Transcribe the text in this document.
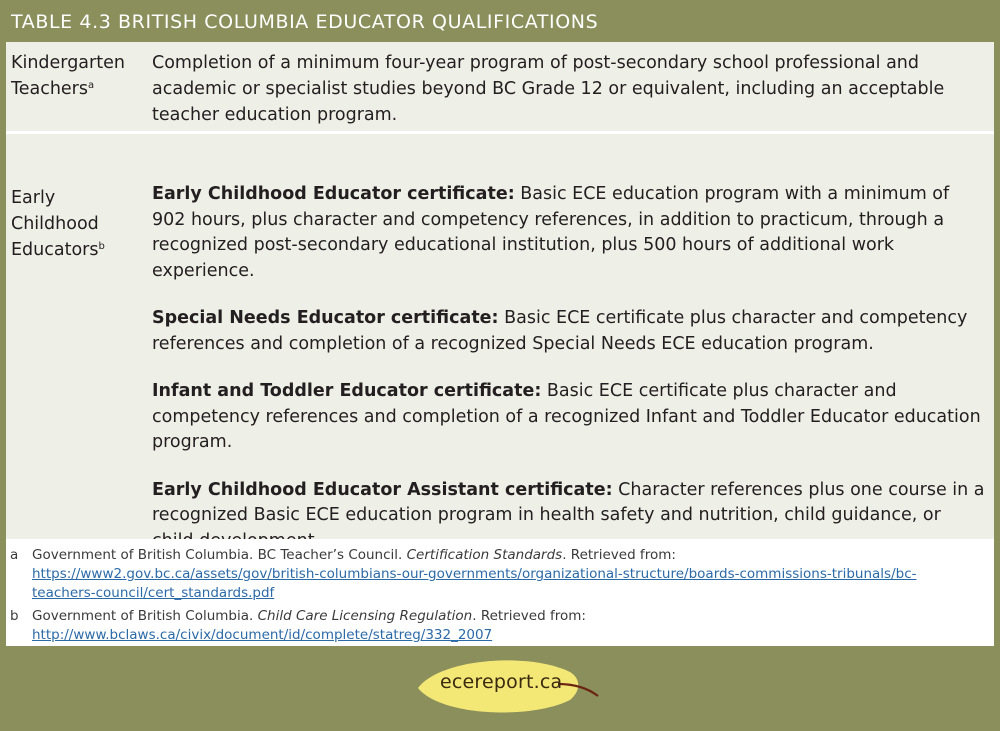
TABLE 4.3 BRITISH COLUMBIA EDUCATOR QUALIFICATIONS
Kindergarten Teachers$^a$
Completion of a minimum four-year program of post-secondary school professional and academic or specialist studies beyond BC Grade 12 or equivalent, including an acceptable teacher education program.
Early
Childhood
Educators$^b$

Early Childhood Educator certificate: Basic ECE education program with a minimum of 902 hours, plus character and competency references, in addition to practicum, through a recognized post-secondary educational institution, plus 500 hours of additional work experience.

Special Needs Educator certificate: Basic ECE certificate plus character and competency references and completion of a recognized Special Needs ECE education program.

Infant and Toddler Educator certificate: Basic ECE certificate plus character and competency references and completion of a recognized Infant and Toddler Educator education program.

Early Childhood Educator Assistant certificate: Character references plus one course in a recognized Basic ECE education program in health safety and nutrition, child guidance, or

a Government of British Columbia. BC Teacher’s Council. Certification Standards. Retrieved from: https://www2.gov.bc.ca/assets/gov/british-columbians-our-governments/organizational-structure/boards-commissions-tribunals/bc-teachers-council/cert_standards.pdf
b Government of British Columbia. Child Care Licensing Regulation. Retrieved from: http://www.bclaws.ca/civix/document/id/complete/statreg/332_2007
ecereport.ca
